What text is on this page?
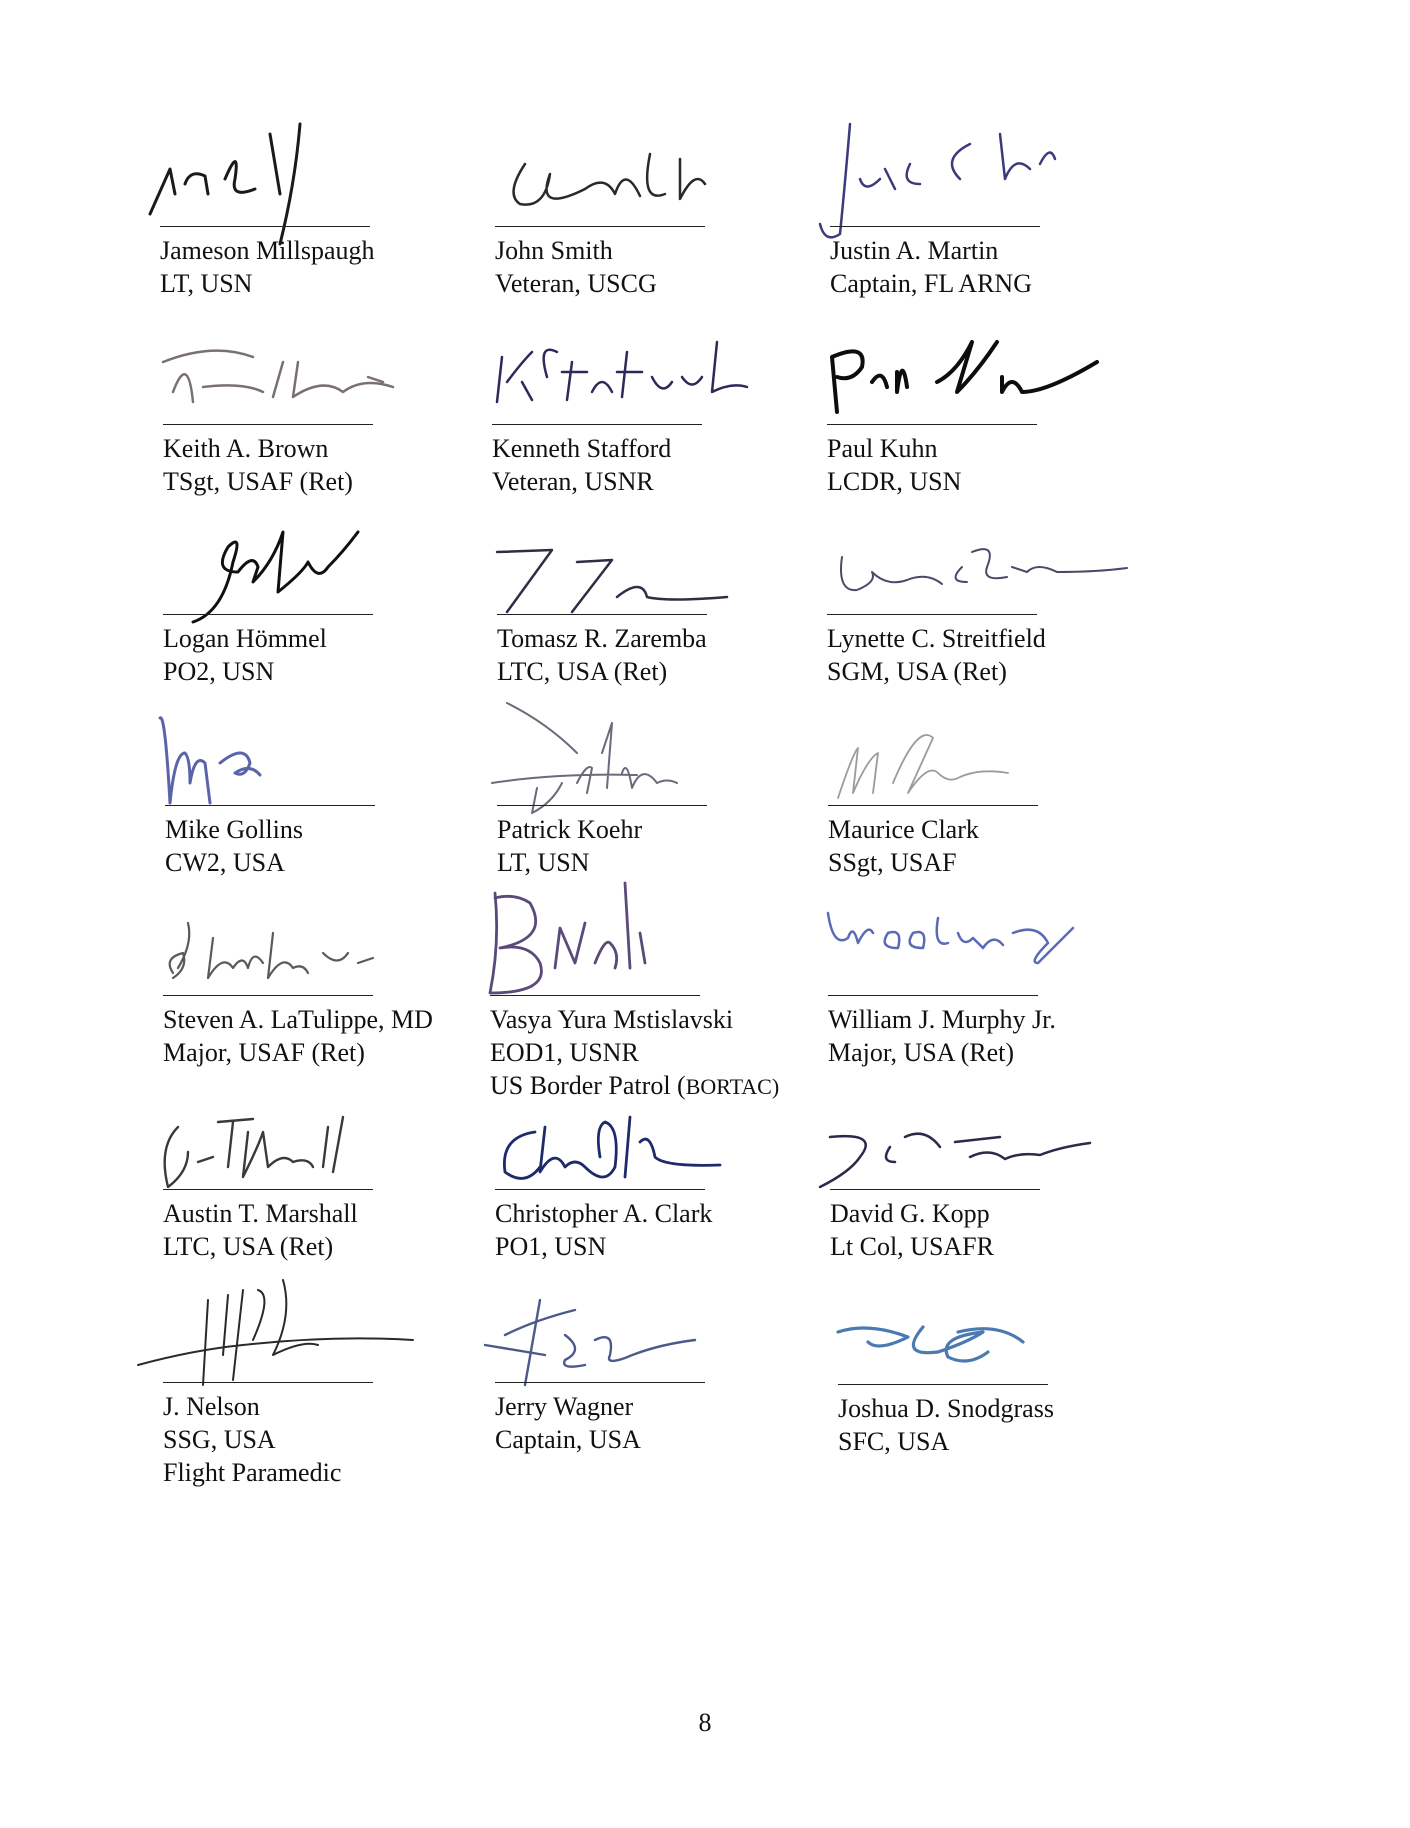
Jameson Millspaugh
LT, USN
John Smith
Veteran, USCG
Justin A. Martin
Captain, FL ARNG
Keith A. Brown
TSgt, USAF (Ret)
Kenneth Stafford
Veteran, USNR
Paul Kuhn
LCDR, USN
Logan Hömmel
PO2, USN
Tomasz R. Zaremba
LTC, USA (Ret)
Lynette C. Streitfield
SGM, USA (Ret)
Mike Gollins
CW2, USA
Patrick Koehr
LT, USN
Maurice Clark
SSgt, USAF
Steven A. LaTulippe, MD
Major, USAF (Ret)
Vasya Yura Mstislavski
EOD1, USNR
US Border Patrol (BORTAC)
William J. Murphy Jr.
Major, USA (Ret)
Austin T. Marshall
LTC, USA (Ret)
Christopher A. Clark
PO1, USN
David G. Kopp
Lt Col, USAFR
J. Nelson
SSG, USA
Flight Paramedic
Jerry Wagner
Captain, USA
Joshua D. Snodgrass
SFC, USA
8
